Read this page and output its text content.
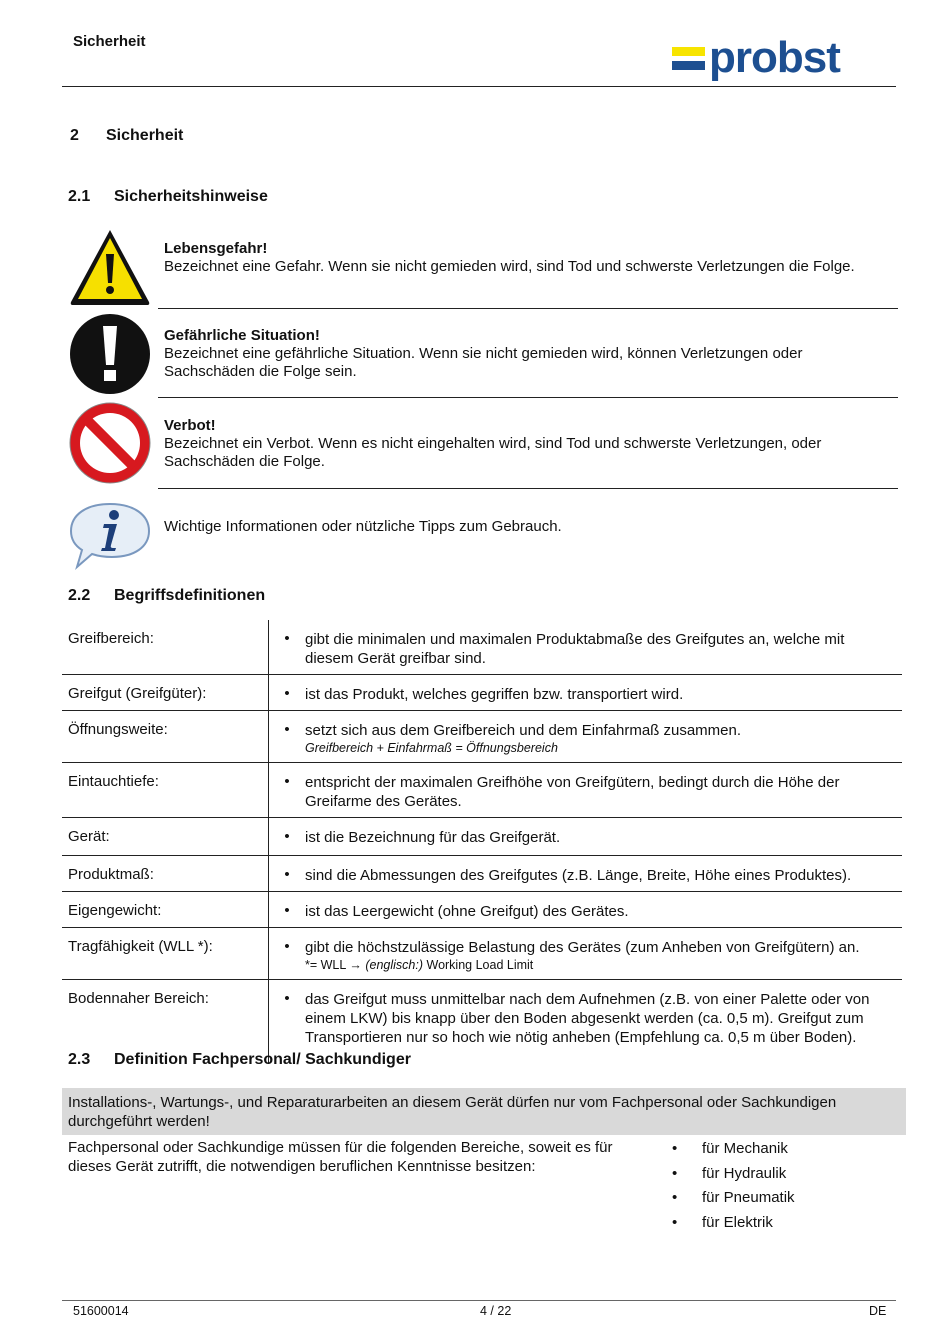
Sicherheit	probst
2 Sicherheit
2.1 Sicherheitshinweise
Lebensgefahr!
Bezeichnet eine Gefahr. Wenn sie nicht gemieden wird, sind Tod und schwerste Verletzungen die Folge.
Gefährliche Situation!
Bezeichnet eine gefährliche Situation. Wenn sie nicht gemieden wird, können Verletzungen oder Sachschäden die Folge sein.
Verbot!
Bezeichnet ein Verbot. Wenn es nicht eingehalten wird, sind Tod und schwerste Verletzungen, oder Sachschäden die Folge.
Wichtige Informationen oder nützliche Tipps zum Gebrauch.
2.2 Begriffsdefinitionen
Greifbereich:	• gibt die minimalen und maximalen Produktabmaße des Greifgutes an, welche mit diesem Gerät greifbar sind.

Greifgut (Greifgüter):	• ist das Produkt, welches gegriffen bzw. transportiert wird.

Öffnungsweite:	• setzt sich aus dem Greifbereich und dem Einfahrmaß zusammen.
Greifbereich + Einfahrmaß = Öffnungsbereich

Eintauchtiefe:	• entspricht der maximalen Greifhöhe von Greifgütern, bedingt durch die Höhe der Greifarme des Gerätes.

Gerät:	• ist die Bezeichnung für das Greifgerät.

Produktmaß:	• sind die Abmessungen des Greifgutes (z.B. Länge, Breite, Höhe eines Produktes).

Eigengewicht:	• ist das Leergewicht (ohne Greifgut) des Gerätes.

Tragfähigkeit (WLL *):	• gibt die höchstzulässige Belastung des Gerätes (zum Anheben von Greifgütern) an.
*= WLL → (englisch:) Working Load Limit

Bodennaher Bereich:	• das Greifgut muss unmittelbar nach dem Aufnehmen (z.B. von einer Palette oder von einem LKW) bis knapp über den Boden abgesenkt werden (ca. 0,5 m). Greifgut zum Transportieren nur so hoch wie nötig anheben (Empfehlung ca. 0,5 m über Boden).
2.3 Definition Fachpersonal/ Sachkundiger
Installations-, Wartungs-, und Reparaturarbeiten an diesem Gerät dürfen nur vom Fachpersonal oder Sachkundigen durchgeführt werden!
Fachpersonal oder Sachkundige müssen für die folgenden Bereiche, soweit es für dieses Gerät zutrifft, die notwendigen beruflichen Kenntnisse besitzen:
•	für Mechanik
•	für Hydraulik
•	für Pneumatik
•	für Elektrik
51600014	4 / 22	DE
